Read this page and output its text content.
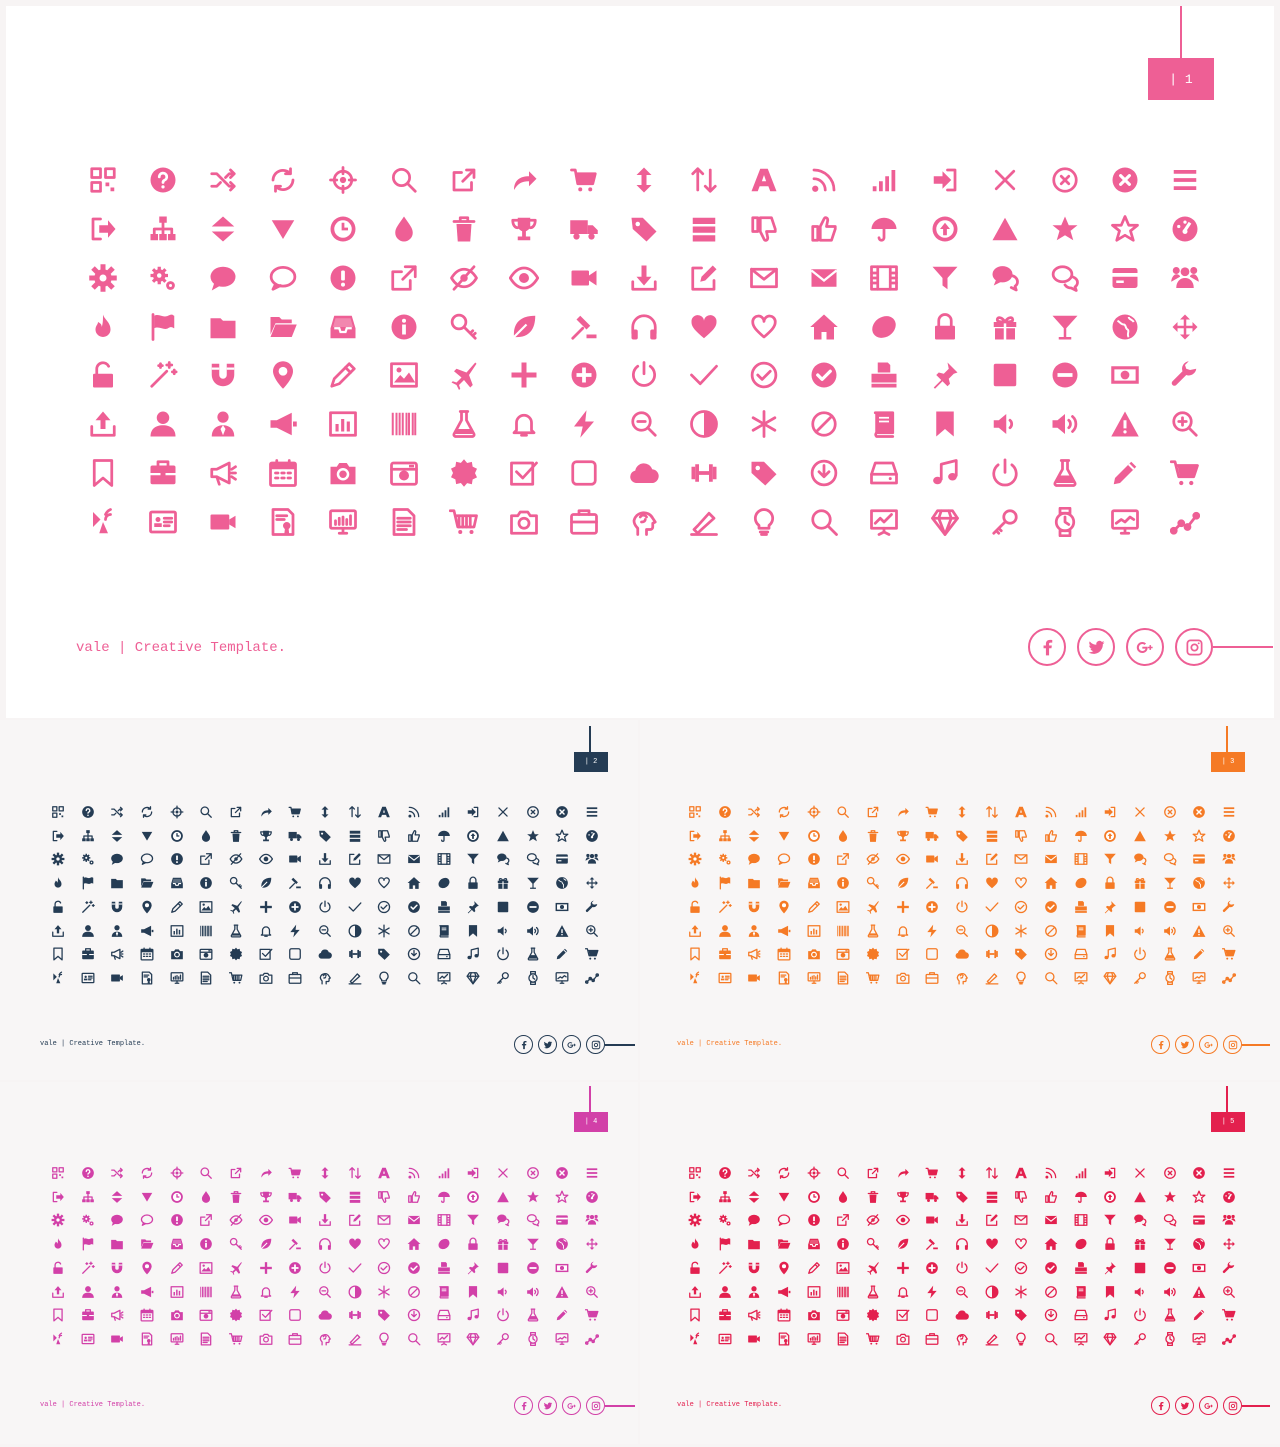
| 1
vale | Creative Template.
| 2
vale | Creative Template.
| 3
vale | Creative Template.
| 4
vale | Creative Template.
| 5
vale | Creative Template.
